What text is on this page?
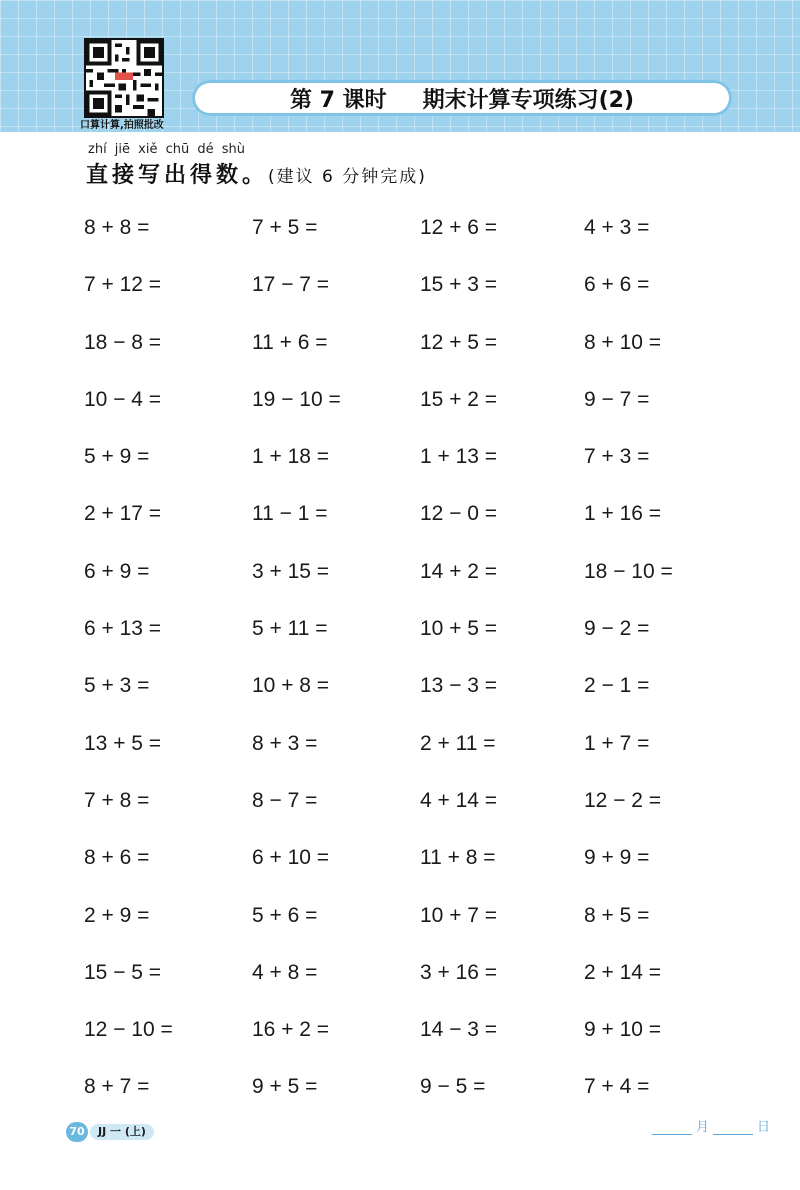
口算计算,拍照批改
第 7 课时 期末计算专项练习(2)
zhí jiē xiě chū dé shù
直接写出得数。(建议 6 分钟完成)
8 + 8 =	7 + 5 =	12 + 6 =	4 + 3 =
7 + 12 =	17 − 7 =	15 + 3 =	6 + 6 =
18 − 8 =	11 + 6 =	12 + 5 =	8 + 10 =
10 − 4 =	19 − 10 =	15 + 2 =	9 − 7 =
5 + 9 =	1 + 18 =	1 + 13 =	7 + 3 =
2 + 17 =	11 − 1 =	12 − 0 =	1 + 16 =
6 + 9 =	3 + 15 =	14 + 2 =	18 − 10 =
6 + 13 =	5 + 11 =	10 + 5 =	9 − 2 =
5 + 3 =	10 + 8 =	13 − 3 =	2 − 1 =
13 + 5 =	8 + 3 =	2 + 11 =	1 + 7 =
7 + 8 =	8 − 7 =	4 + 14 =	12 − 2 =
8 + 6 =	6 + 10 =	11 + 8 =	9 + 9 =
2 + 9 =	5 + 6 =	10 + 7 =	8 + 5 =
15 − 5 =	4 + 8 =	3 + 16 =	2 + 14 =
12 − 10 =	16 + 2 =	14 − 3 =	9 + 10 =
8 + 7 =	9 + 5 =	9 − 5 =	7 + 4 =
70	JJ 一 (上)	月	日
